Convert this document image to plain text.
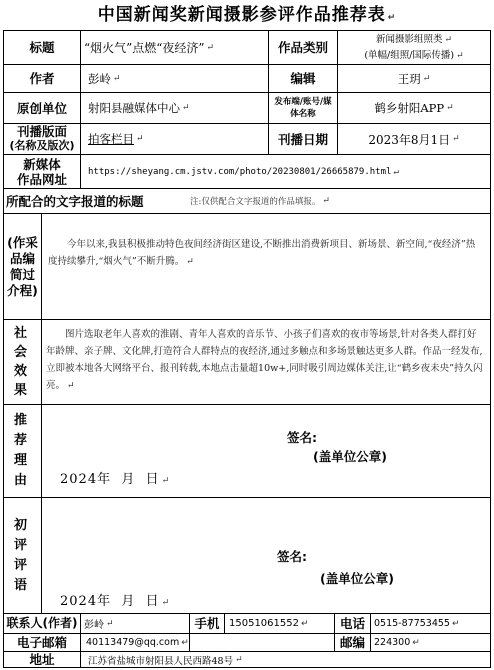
中国新闻奖新闻摄影参评作品推荐表 ↵
标题 “烟火气”点燃“夜经济” ↵	作品类别
新闻摄影组照类 ↵
(单幅/组照/国际传播) ↵
作者	彭岭 ↵	编辑	王玥 ↵
原创单位 射阳县融媒体中心 ↵
发布端/账号/媒体名称	鹤乡射阳APP ↵
刊播版面
(名称及版次) 拍客栏目 ↵	刊播日期	2023年8月1日 ↵
新媒体
作品网址 https://sheyang.cm.jstv.com/photo/20230801/26665879.html ↵
所配合的文字报道的标题	注:仅供配合文字报道的作品填报。 ↵
(作采品编简过介程)
今年以来,我县积极推动特色夜间经济街区建设,不断推出消费新项目、新场景、新空间,“夜经济”热度持续攀升,“烟火气”不断升腾。 ↵
社会效果
图片选取老年人喜欢的淮剧、青年人喜欢的音乐节、小孩子们喜欢的夜市等场景,针对各类人群打好年龄牌、亲子牌、文化牌,打造符合人群特点的夜经济,通过多触点和多场景触达更多人群。作品一经发布,立即被本地各大网络平台、报刊转载,本地点击量超10w+,同时吸引周边媒体关注,让“鹤乡夜未央”持久闪亮。 ↵
推荐理由
签名:
(盖单位公章)
2024年  月  日 ↵
初评评语
签名:
(盖单位公章)
2024年  月  日 ↵
联系人(作者) 彭岭 ↵	手机 15051061552 ↵	电话 0515-87753455 ↵
电子邮箱 40113479@qq.com ↵	邮编 224300 ↵
地址	江苏省盐城市射阳县人民西路48号 ↵
